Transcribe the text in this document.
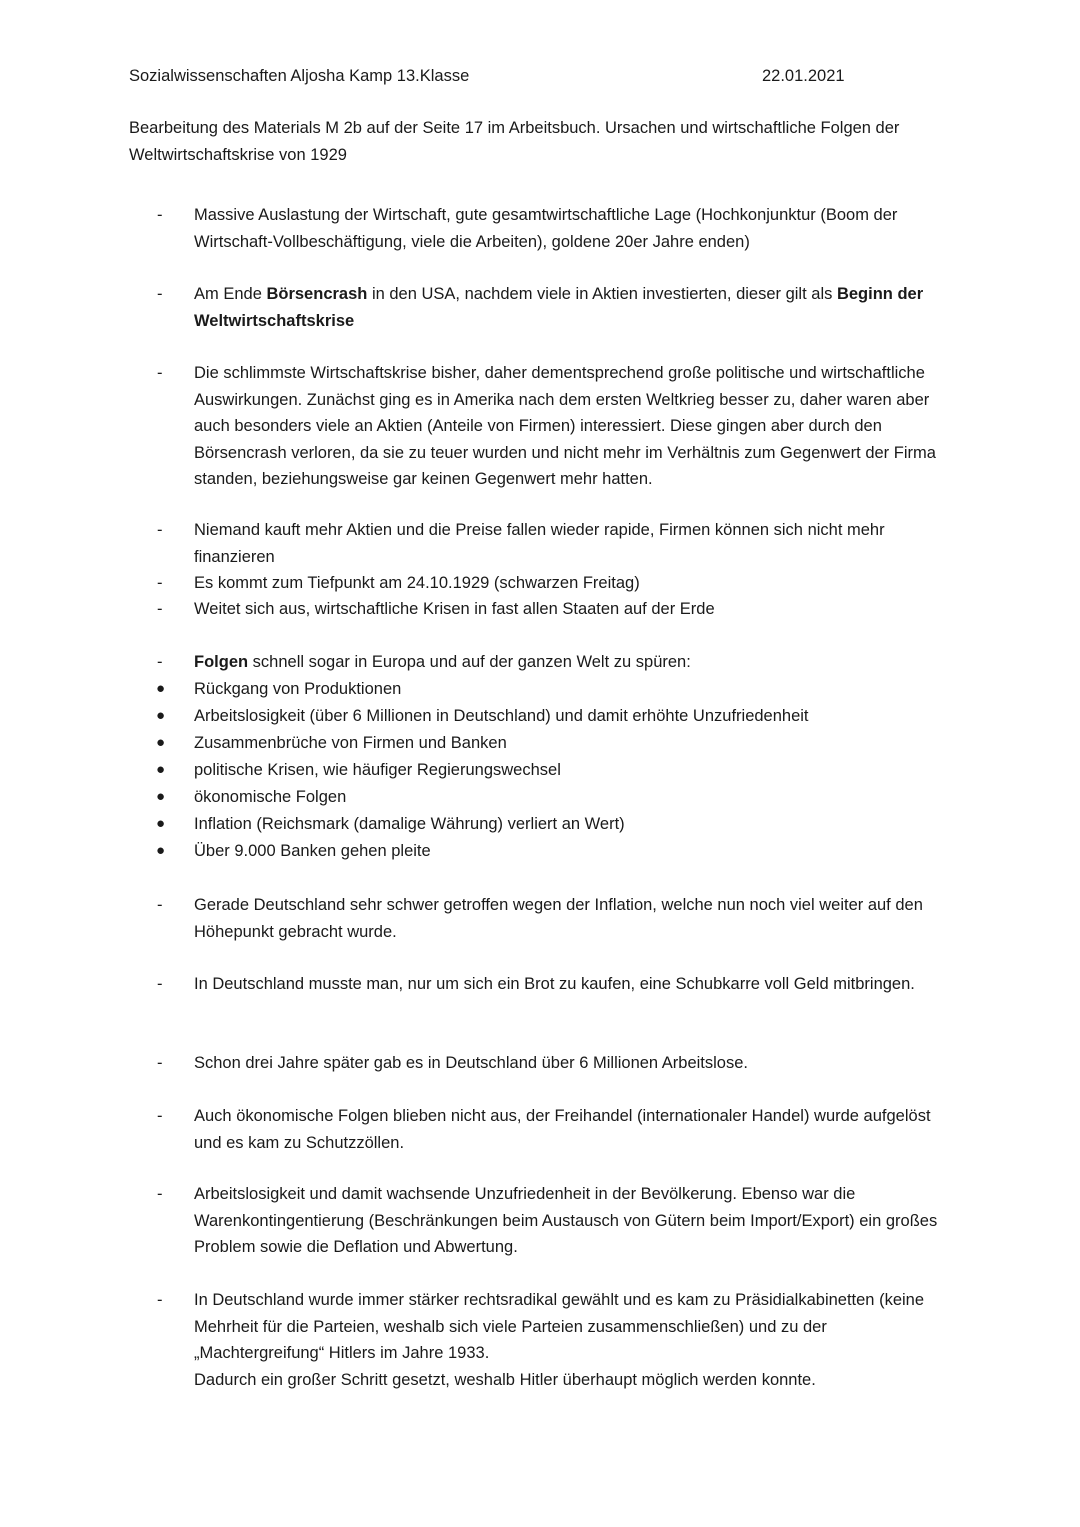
Sozialwissenschaften Aljosha Kamp 13.Klasse	22.01.2021
Bearbeitung des Materials M 2b auf der Seite 17 im Arbeitsbuch. Ursachen und wirtschaftliche Folgen der Weltwirtschaftskrise von 1929
-	Massive Auslastung der Wirtschaft, gute gesamtwirtschaftliche Lage (Hochkonjunktur (Boom der Wirtschaft-Vollbeschäftigung, viele die Arbeiten), goldene 20er Jahre enden)
-	Am Ende Börsencrash in den USA, nachdem viele in Aktien investierten, dieser gilt als Beginn der Weltwirtschaftskrise
-	Die schlimmste Wirtschaftskrise bisher, daher dementsprechend große politische und wirtschaftliche Auswirkungen. Zunächst ging es in Amerika nach dem ersten Weltkrieg besser zu, daher waren aber auch besonders viele an Aktien (Anteile von Firmen) interessiert. Diese gingen aber durch den Börsencrash verloren, da sie zu teuer wurden und nicht mehr im Verhältnis zum Gegenwert der Firma standen, beziehungsweise gar keinen Gegenwert mehr hatten.
-	Niemand kauft mehr Aktien und die Preise fallen wieder rapide, Firmen können sich nicht mehr finanzieren
-	Es kommt zum Tiefpunkt am 24.10.1929 (schwarzen Freitag)
-	Weitet sich aus, wirtschaftliche Krisen in fast allen Staaten auf der Erde
-	Folgen schnell sogar in Europa und auf der ganzen Welt zu spüren:
● Rückgang von Produktionen
● Arbeitslosigkeit (über 6 Millionen in Deutschland) und damit erhöhte Unzufriedenheit
● Zusammenbrüche von Firmen und Banken
● politische Krisen, wie häufiger Regierungswechsel
● ökonomische Folgen
● Inflation (Reichsmark (damalige Währung) verliert an Wert)
● Über 9.000 Banken gehen pleite
-	Gerade Deutschland sehr schwer getroffen wegen der Inflation, welche nun noch viel weiter auf den Höhepunkt gebracht wurde.
-	In Deutschland musste man, nur um sich ein Brot zu kaufen, eine Schubkarre voll Geld mitbringen.
-	Schon drei Jahre später gab es in Deutschland über 6 Millionen Arbeitslose.
-	Auch ökonomische Folgen blieben nicht aus, der Freihandel (internationaler Handel) wurde aufgelöst und es kam zu Schutzzöllen.
-	Arbeitslosigkeit und damit wachsende Unzufriedenheit in der Bevölkerung. Ebenso war die Warenkontingentierung (Beschränkungen beim Austausch von Gütern beim Import/Export) ein großes Problem sowie die Deflation und Abwertung.
-	In Deutschland wurde immer stärker rechtsradikal gewählt und es kam zu Präsidialkabinetten (keine Mehrheit für die Parteien, weshalb sich viele Parteien zusammenschließen) und zu der „Machtergreifung“ Hitlers im Jahre 1933.
Dadurch ein großer Schritt gesetzt, weshalb Hitler überhaupt möglich werden konnte.
